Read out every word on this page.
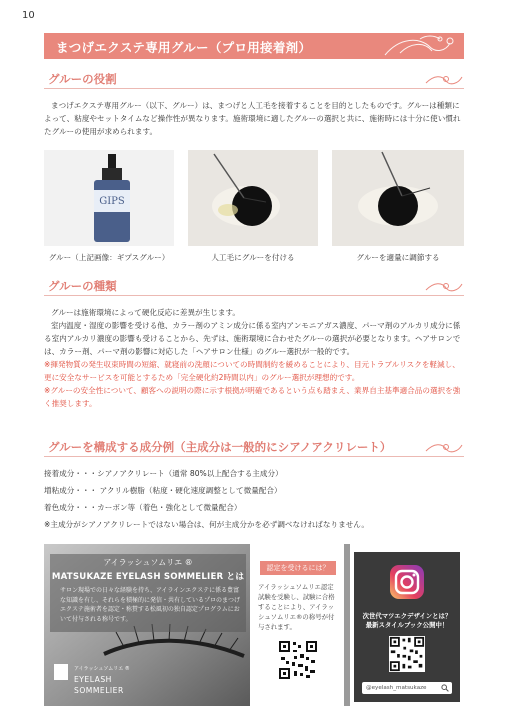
10
まつげエクステ専用グルー（プロ用接着剤）
グルーの役割

まつげエクステ専用グルー（以下、グルー）は、まつげと人工毛を接着することを目的としたものです。グルーは種類によって、粘度やセットタイムなど操作性が異なります。施術環境に適したグルーの選択と共に、施術時には十分に使い慣れたグルーの使用が求められます。

GIPS
グルー（上記画像：ギプスグルー）	人工毛にグルーを付ける	グルーを適量に調節する
グルーの種類

グルーは施術環境によって硬化反応に差異が生じます。

室内温度・湿度の影響を受ける他、カラー剤のアミン成分に係る室内アンモニアガス濃度、パーマ剤のアルカリ成分に係る室内アルカリ濃度の影響も受けることから、先ずは、施術環境に合わせたグルーの選択が必要となります。ヘアサロンでは、カラー剤、パーマ剤の影響に対応した「ヘアサロン仕様」のグルー選択が一般的です。

※揮発物質の発生収束時間の短縮、就寝前の洗顔についての時間制約を緩めることにより、目元トラブルリスクを軽減し、更に安全なサービスを可能とするため「完全硬化約2時間以内」のグルー選択が理想的です。

※グルーの安全性について、顧客への説明の際に示す根拠が明確であるという点も踏まえ、業界自主基準適合品の選択を強く推奨します。

グルーを構成する成分例（主成分は一般的にシアノアクリレート）
接着成分・・・シアノアクリレート（通常 80%以上配合する主成分）
増粘成分・・・ アクリル樹脂（粘度・硬化速度調整として微量配合）
着色成分・・・カーボン等（着色・強化として微量配合）
※主成分がシアノアクリレートではない場合は、何が主成分かを必ず調べなければなりません。
アイラッシュソムリエ ®
MATSUKAZE EYELASH SOMMELIER とは
サロン現場での日々な経験を持ち、アイラインエクステに係る豊富な知識を有し、それらを積極的に発信・共有しているプロのまつげエクステ施術者を認定・称賛する松風初の独自認定プログラムにおいて付与される称号です。
アイラッシュソムリエ ®
EYELASH
SOMMELIER
認定を受けるには？
アイラッシュソムリエ認定試験を受験し、試験に合格することにより、アイラッシュソムリエ®の称号が付与されます。
次世代マツエクデザインとは？
最新スタイルブック公開中！
@eyelash_matsukaze
